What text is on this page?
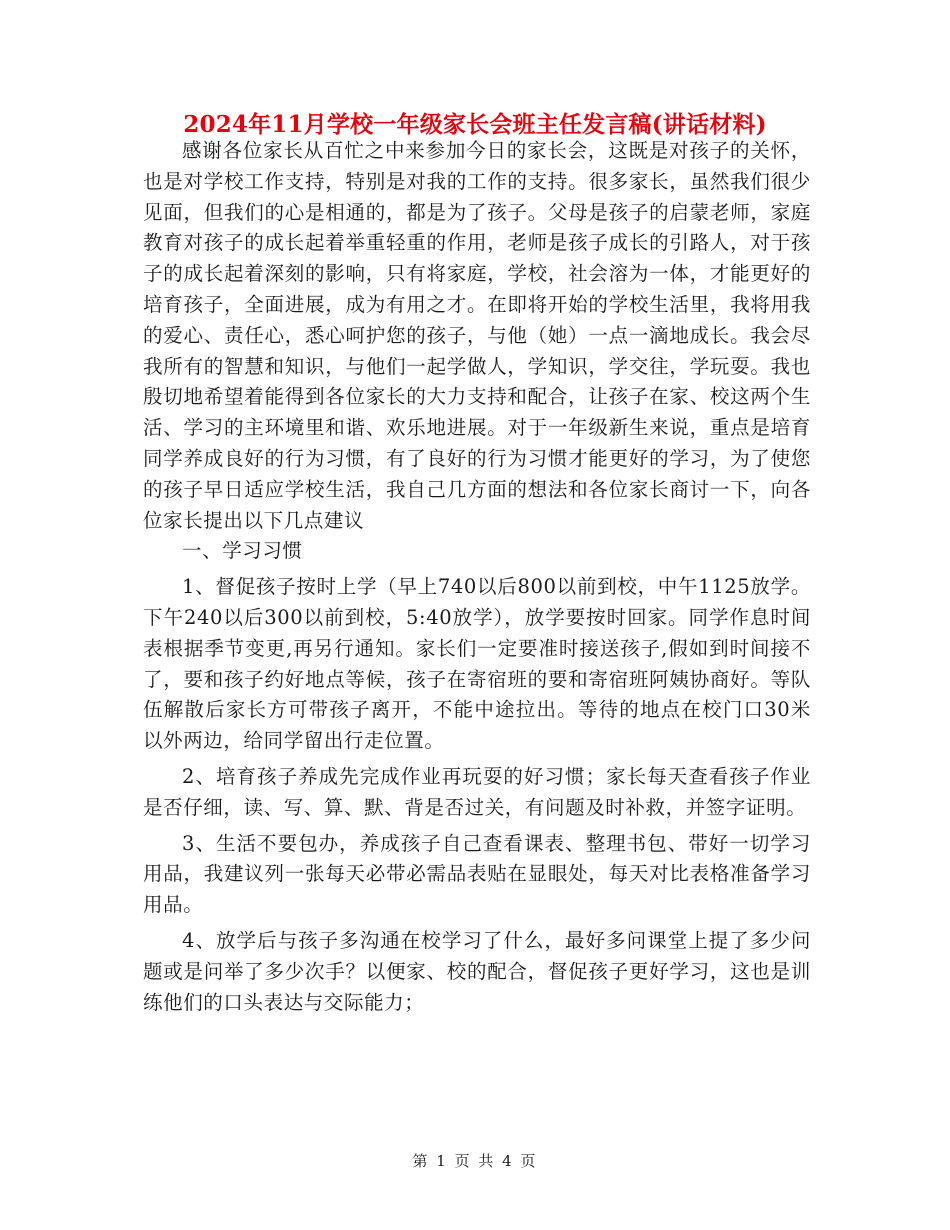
2024年11月学校一年级家长会班主任发言稿(讲话材料)

感谢各位家长从百忙之中来参加今日的家长会，这既是对孩子的关怀，也是对学校工作支持，特别是对我的工作的支持。很多家长，虽然我们很少见面，但我们的心是相通的，都是为了孩子。父母是孩子的启蒙老师，家庭教育对孩子的成长起着举重轻重的作用，老师是孩子成长的引路人，对于孩子的成长起着深刻的影响，只有将家庭，学校，社会溶为一体，才能更好的培育孩子，全面进展，成为有用之才。在即将开始的学校生活里，我将用我的爱心、责任心，悉心呵护您的孩子，与他（她）一点一滴地成长。我会尽我所有的智慧和知识，与他们一起学做人，学知识，学交往，学玩耍。我也殷切地希望着能得到各位家长的大力支持和配合，让孩子在家、校这两个生活、学习的主环境里和谐、欢乐地进展。对于一年级新生来说，重点是培育同学养成良好的行为习惯，有了良好的行为习惯才能更好的学习，为了使您的孩子早日适应学校生活，我自己几方面的想法和各位家长商讨一下，向各位家长提出以下几点建议

一、学习习惯

1、督促孩子按时上学（早上740以后800以前到校，中午1125放学。下午240以后300以前到校，5:40放学），放学要按时回家。同学作息时间表根据季节变更,再另行通知。家长们一定要准时接送孩子,假如到时间接不了，要和孩子约好地点等候，孩子在寄宿班的要和寄宿班阿姨协商好。等队伍解散后家长方可带孩子离开，不能中途拉出。等待的地点在校门口30米以外两边，给同学留出行走位置。

2、培育孩子养成先完成作业再玩耍的好习惯；家长每天查看孩子作业是否仔细，读、写、算、默、背是否过关，有问题及时补救，并签字证明。

3、生活不要包办，养成孩子自己查看课表、整理书包、带好一切学习用品，我建议列一张每天必带必需品表贴在显眼处，每天对比表格准备学习用品。

4、放学后与孩子多沟通在校学习了什么，最好多问课堂上提了多少问题或是问举了多少次手？以便家、校的配合，督促孩子更好学习，这也是训练他们的口头表达与交际能力；

第 1 页 共 4 页
